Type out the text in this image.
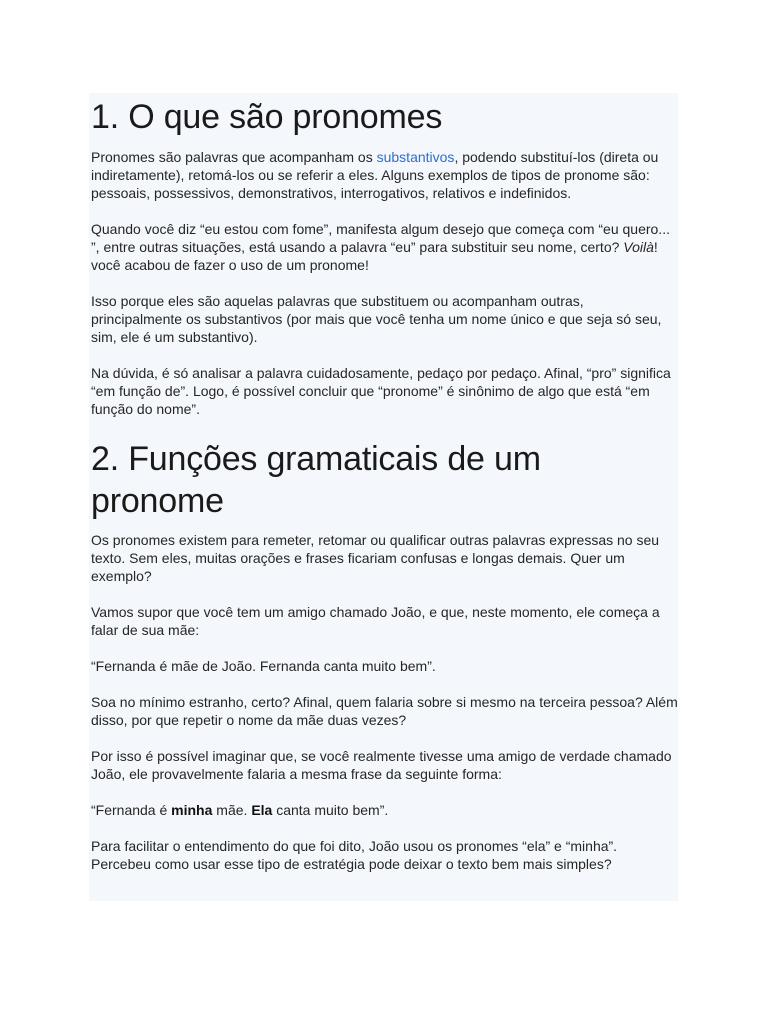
1. O que são pronomes

Pronomes são palavras que acompanham os substantivos, podendo substituí-los (direta ou indiretamente), retomá-los ou se referir a eles. Alguns exemplos de tipos de pronome são: pessoais, possessivos, demonstrativos, interrogativos, relativos e indefinidos.

Quando você diz “eu estou com fome”, manifesta algum desejo que começa com “eu quero... ”, entre outras situações, está usando a palavra “eu” para substituir seu nome, certo? Voilà! você acabou de fazer o uso de um pronome!

Isso porque eles são aquelas palavras que substituem ou acompanham outras, principalmente os substantivos (por mais que você tenha um nome único e que seja só seu, sim, ele é um substantivo).

Na dúvida, é só analisar a palavra cuidadosamente, pedaço por pedaço. Afinal, “pro” significa “em função de”. Logo, é possível concluir que “pronome” é sinônimo de algo que está “em função do nome”.

2. Funções gramaticais de um pronome

Os pronomes existem para remeter, retomar ou qualificar outras palavras expressas no seu texto. Sem eles, muitas orações e frases ficariam confusas e longas demais. Quer um exemplo?

Vamos supor que você tem um amigo chamado João, e que, neste momento, ele começa a falar de sua mãe:

“Fernanda é mãe de João. Fernanda canta muito bem”.

Soa no mínimo estranho, certo? Afinal, quem falaria sobre si mesmo na terceira pessoa? Além disso, por que repetir o nome da mãe duas vezes?

Por isso é possível imaginar que, se você realmente tivesse uma amigo de verdade chamado João, ele provavelmente falaria a mesma frase da seguinte forma:

“Fernanda é minha mãe. Ela canta muito bem”.

Para facilitar o entendimento do que foi dito, João usou os pronomes “ela” e “minha”. Percebeu como usar esse tipo de estratégia pode deixar o texto bem mais simples?
